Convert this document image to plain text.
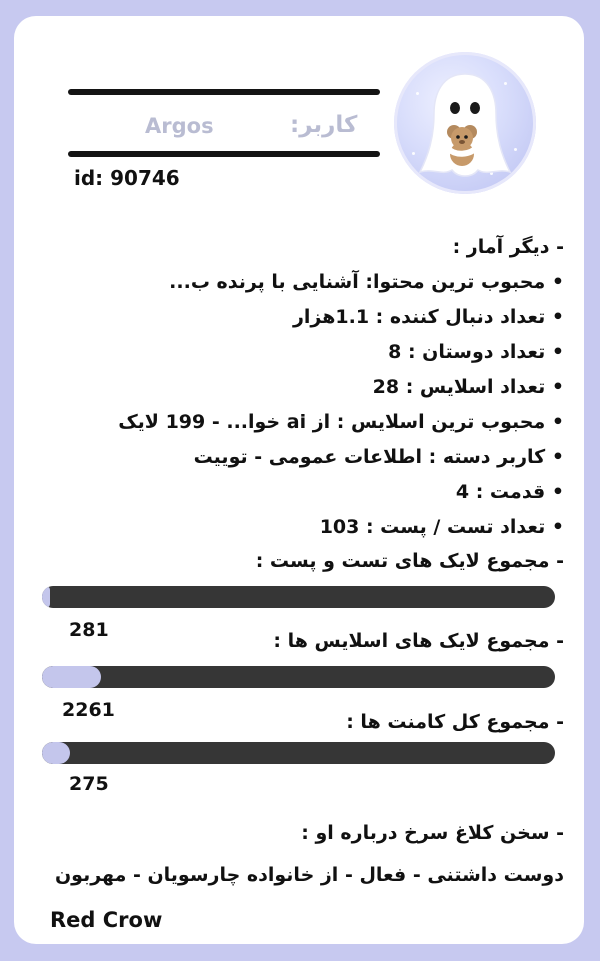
کاربر:
Argos
id: 90746
- دیگر آمار :
• محبوب ترین محتوا: آشنایی با پرنده ب...
• تعداد دنبال کننده : 1.1هزار
• تعداد دوستان : 8
• تعداد اسلایس : 28
• محبوب ترین اسلایس : از ai خوا... - 199 لایک
• کاربر دسته : اطلاعات عمومی - توییت
• قدمت : 4
• تعداد تست / پست : 103
- مجموع لایک های تست و پست :
281	- مجموع لایک های اسلایس ها :
2261
- مجموع کل کامنت ها :
275
- سخن کلاغ سرخ درباره او :
دوست داشتنی - فعال - از خانواده چارسویان - مهربون
Red Crow
